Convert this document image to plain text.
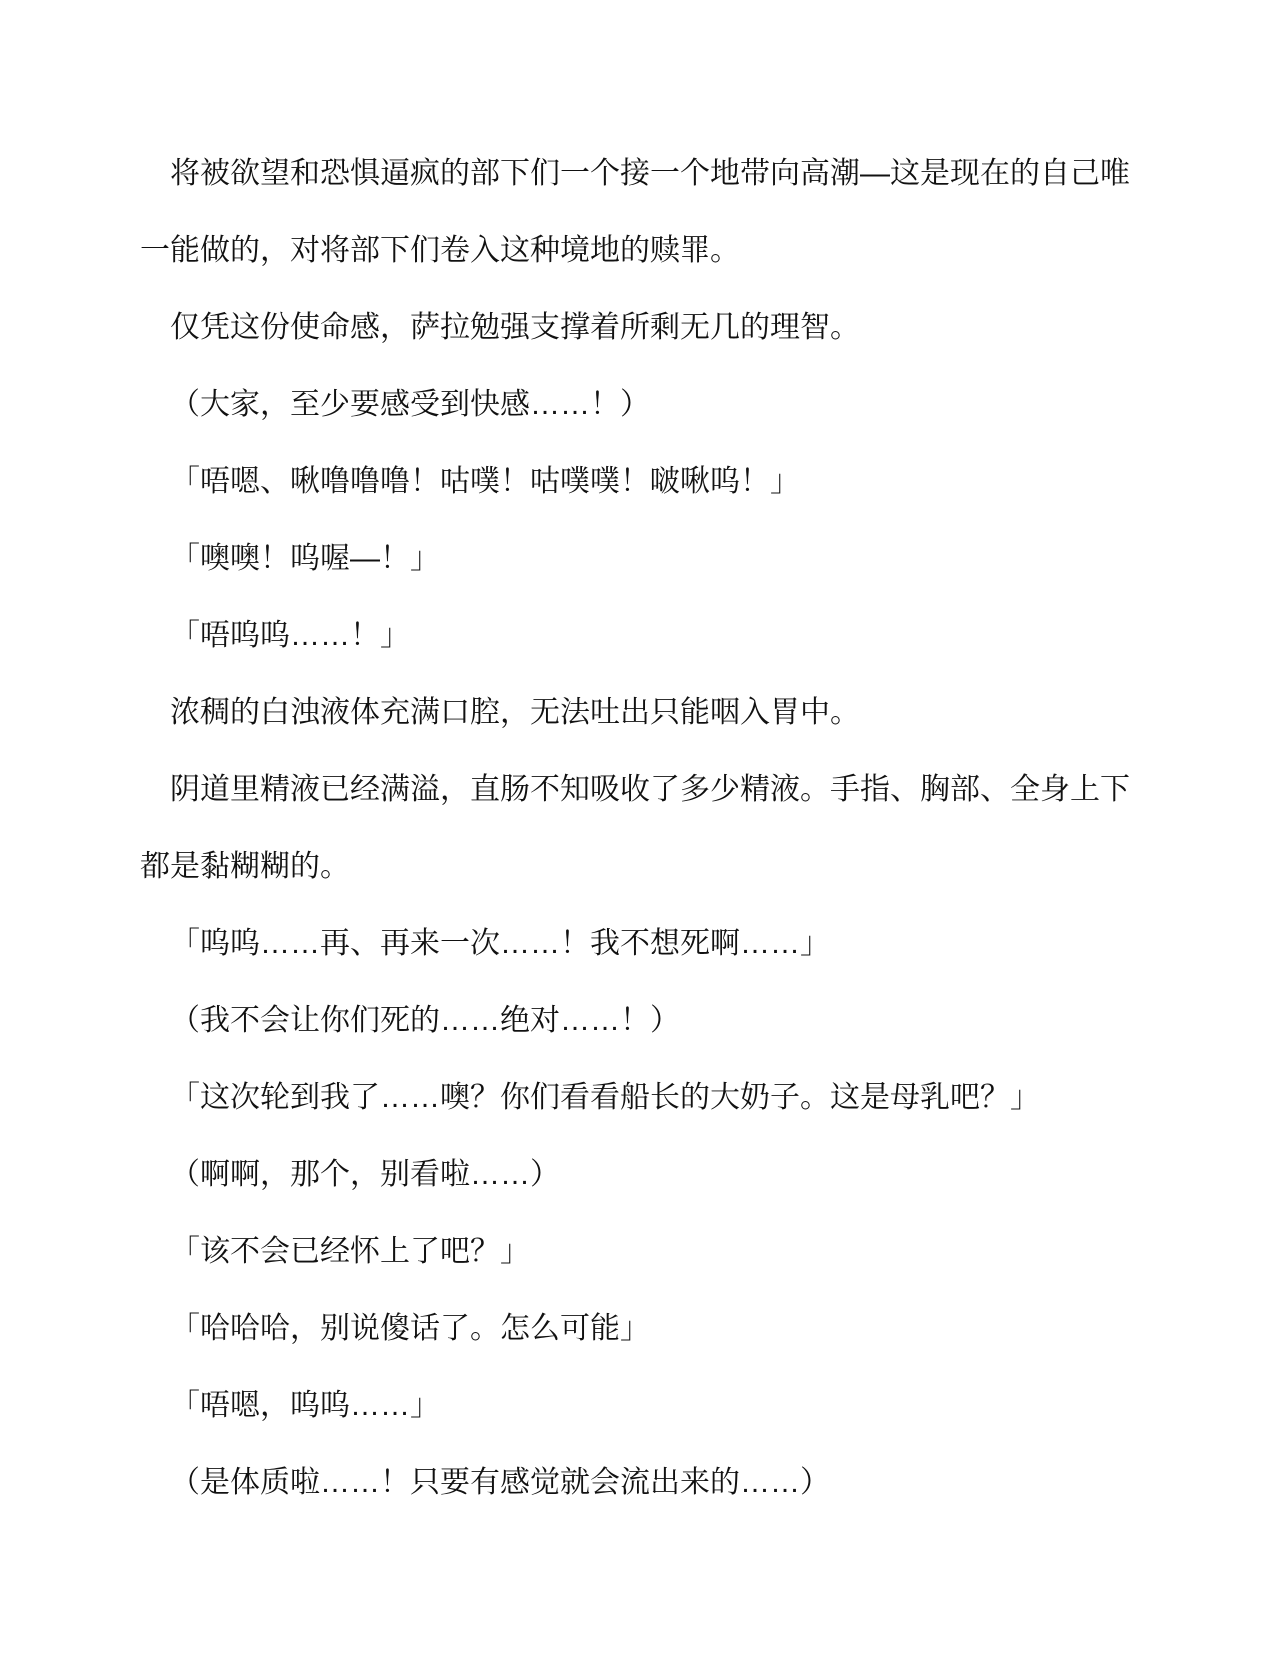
将被欲望和恐惧逼疯的部下们一个接一个地带向高潮—这是现在的自己唯一能做的，对将部下们卷入这种境地的赎罪。

仅凭这份使命感，萨拉勉强支撑着所剩无几的理智。

（大家，至少要感受到快感……！）

「唔嗯、啾噜噜噜！咕噗！咕噗噗！啵啾呜！」

「噢噢！呜喔—！」

「唔呜呜……！」

浓稠的白浊液体充满口腔，无法吐出只能咽入胃中。

阴道里精液已经满溢，直肠不知吸收了多少精液。手指、胸部、全身上下都是黏糊糊的。

「呜呜……再、再来一次……！我不想死啊……」

（我不会让你们死的……绝对……！）

「这次轮到我了……噢？你们看看船长的大奶子。这是母乳吧？」

（啊啊，那个，别看啦……）

「该不会已经怀上了吧？」

「哈哈哈，别说傻话了。怎么可能」

「唔嗯，呜呜……」

（是体质啦……！只要有感觉就会流出来的……）
